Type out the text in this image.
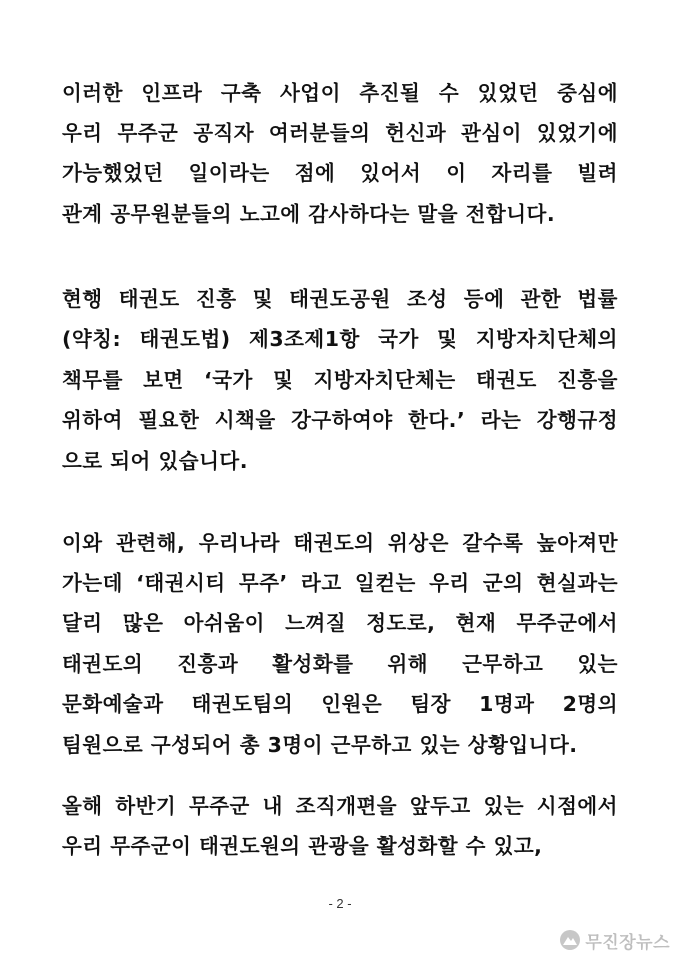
이러한 인프라 구축 사업이 추진될 수 있었던 중심에
우리 무주군 공직자 여러분들의 헌신과 관심이 있었기에
가능했었던 일이라는 점에 있어서 이 자리를 빌려
관계 공무원분들의 노고에 감사하다는 말을 전합니다.
현행 태권도 진흥 및 태권도공원 조성 등에 관한 법률
(약칭: 태권도법) 제3조제1항 국가 및 지방자치단체의
책무를 보면 ‘국가 및 지방자치단체는 태권도 진흥을
위하여 필요한 시책을 강구하여야 한다.’ 라는 강행규정
으로 되어 있습니다.
이와 관련해, 우리나라 태권도의 위상은 갈수록 높아져만
가는데 ‘태권시티 무주’ 라고 일컫는 우리 군의 현실과는
달리 많은 아쉬움이 느껴질 정도로, 현재 무주군에서
태권도의 진흥과 활성화를 위해 근무하고 있는
문화예술과 태권도팀의 인원은 팀장 1명과 2명의
팀원으로 구성되어 총 3명이 근무하고 있는 상황입니다.
올해 하반기 무주군 내 조직개편을 앞두고 있는 시점에서
우리 무주군이 태권도원의 관광을 활성화할 수 있고,
- 2 -
무진장뉴스
